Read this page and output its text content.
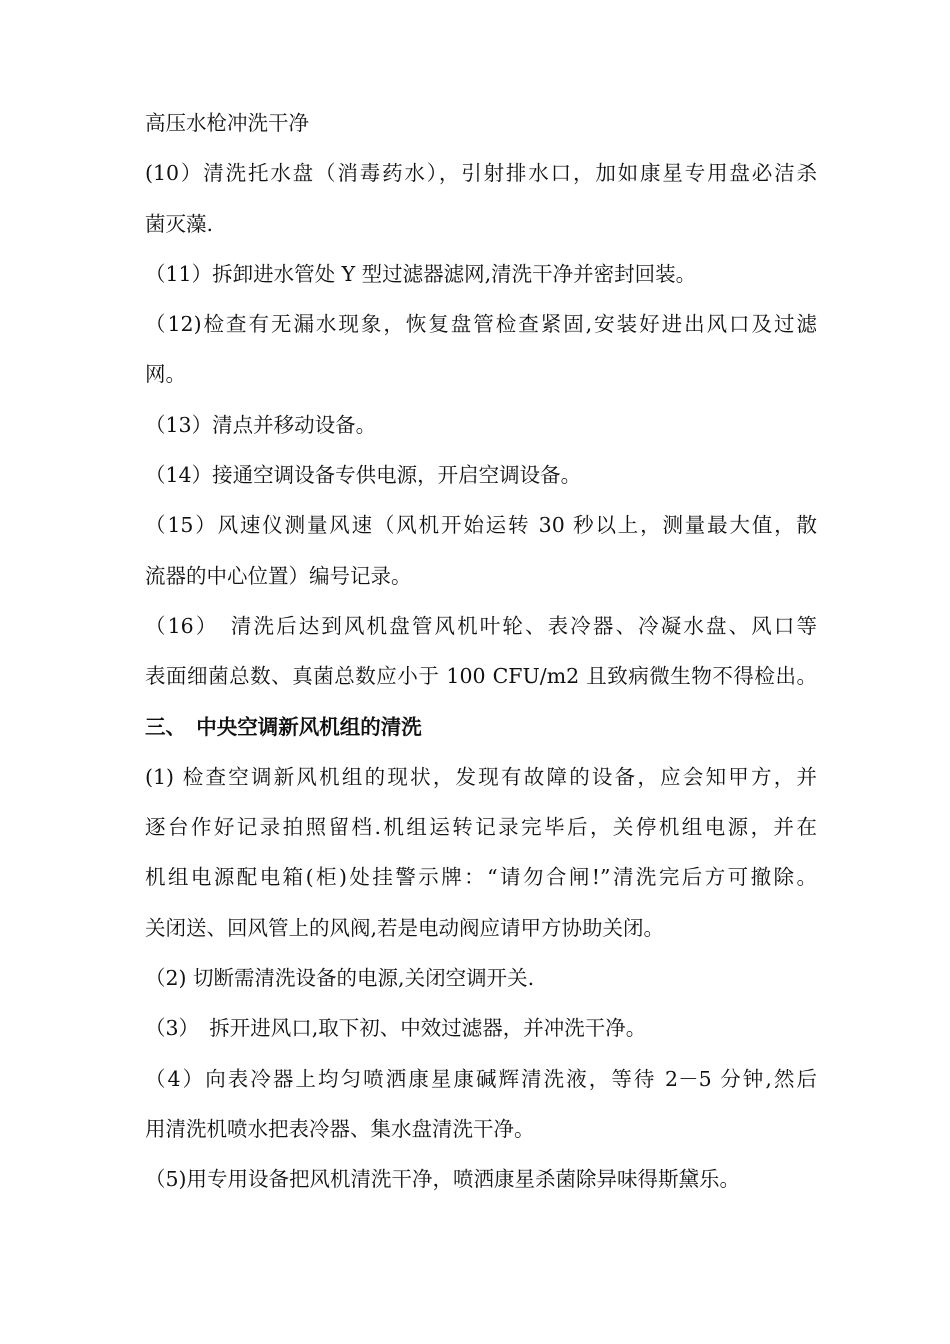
高压水枪冲洗干净
(10）清洗托水盘（消毒药水），引射排水口，加如康星专用盘必洁杀
菌灭藻.
（11）拆卸进水管处 Y 型过滤器滤网,清洗干净并密封回装。
（12)检查有无漏水现象，恢复盘管检查紧固,安装好进出风口及过滤
网。
（13）清点并移动设备。
（14）接通空调设备专供电源，开启空调设备。
（15）风速仪测量风速（风机开始运转 30 秒以上，测量最大值，散
流器的中心位置）编号记录。
（16）　清洗后达到风机盘管风机叶轮、表冷器、冷凝水盘、风口等
表面细菌总数、真菌总数应小于 100 CFU/m2 且致病微生物不得检出。
三、　中央空调新风机组的清洗
(1) 检查空调新风机组的现状，发现有故障的设备，应会知甲方，并
逐台作好记录拍照留档.机组运转记录完毕后，关停机组电源，并在
机组电源配电箱(柜)处挂警示牌：“请勿合闸!”清洗完后方可撤除。
关闭送、回风管上的风阀,若是电动阀应请甲方协助关闭。
（2) 切断需清洗设备的电源,关闭空调开关.
（3）　拆开进风口,取下初、中效过滤器，并冲洗干净。
（4）向表冷器上均匀喷洒康星康碱辉清洗液，等待 2－5 分钟,然后
用清洗机喷水把表冷器、集水盘清洗干净。
（5)用专用设备把风机清洗干净，喷洒康星杀菌除异味得斯黛乐。
